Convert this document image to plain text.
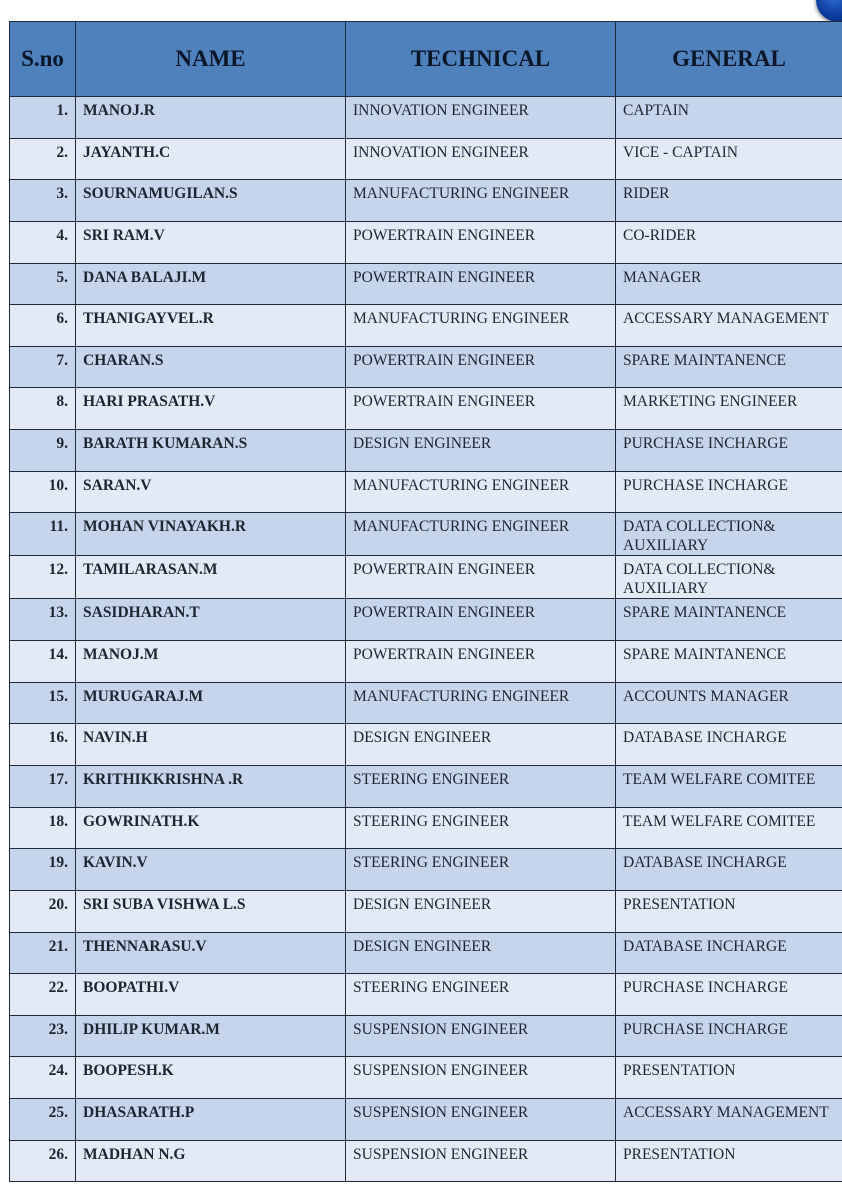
S.no	NAME	TECHNICAL	GENERAL
1.	MANOJ.R	INNOVATION ENGINEER	CAPTAIN
2.	JAYANTH.C	INNOVATION ENGINEER	VICE - CAPTAIN
3.	SOURNAMUGILAN.S	MANUFACTURING ENGINEER	RIDER
4.	SRI RAM.V	POWERTRAIN ENGINEER	CO-RIDER
5.	DANA BALAJI.M	POWERTRAIN ENGINEER	MANAGER
6.	THANIGAYVEL.R	MANUFACTURING ENGINEER	ACCESSARY MANAGEMENT
7.	CHARAN.S	POWERTRAIN ENGINEER	SPARE MAINTANENCE
8.	HARI PRASATH.V	POWERTRAIN ENGINEER	MARKETING ENGINEER
9.	BARATH KUMARAN.S	DESIGN ENGINEER	PURCHASE INCHARGE
10.	SARAN.V	MANUFACTURING ENGINEER	PURCHASE INCHARGE
11.	MOHAN VINAYAKH.R	MANUFACTURING ENGINEER	DATA COLLECTION& AUXILIARY
12.	TAMILARASAN.M	POWERTRAIN ENGINEER	DATA COLLECTION& AUXILIARY
13.	SASIDHARAN.T	POWERTRAIN ENGINEER	SPARE MAINTANENCE
14.	MANOJ.M	POWERTRAIN ENGINEER	SPARE MAINTANENCE
15.	MURUGARAJ.M	MANUFACTURING ENGINEER	ACCOUNTS MANAGER
16.	NAVIN.H	DESIGN ENGINEER	DATABASE INCHARGE
17.	KRITHIKKRISHNA .R	STEERING ENGINEER	TEAM WELFARE COMITEE
18.	GOWRINATH.K	STEERING ENGINEER	TEAM WELFARE COMITEE
19.	KAVIN.V	STEERING ENGINEER	DATABASE INCHARGE
20.	SRI SUBA VISHWA L.S	DESIGN ENGINEER	PRESENTATION
21.	THENNARASU.V	DESIGN ENGINEER	DATABASE INCHARGE
22.	BOOPATHI.V	STEERING ENGINEER	PURCHASE INCHARGE
23.	DHILIP KUMAR.M	SUSPENSION ENGINEER	PURCHASE INCHARGE
24.	BOOPESH.K	SUSPENSION ENGINEER	PRESENTATION
25.	DHASARATH.P	SUSPENSION ENGINEER	ACCESSARY MANAGEMENT
26.	MADHAN N.G	SUSPENSION ENGINEER	PRESENTATION
